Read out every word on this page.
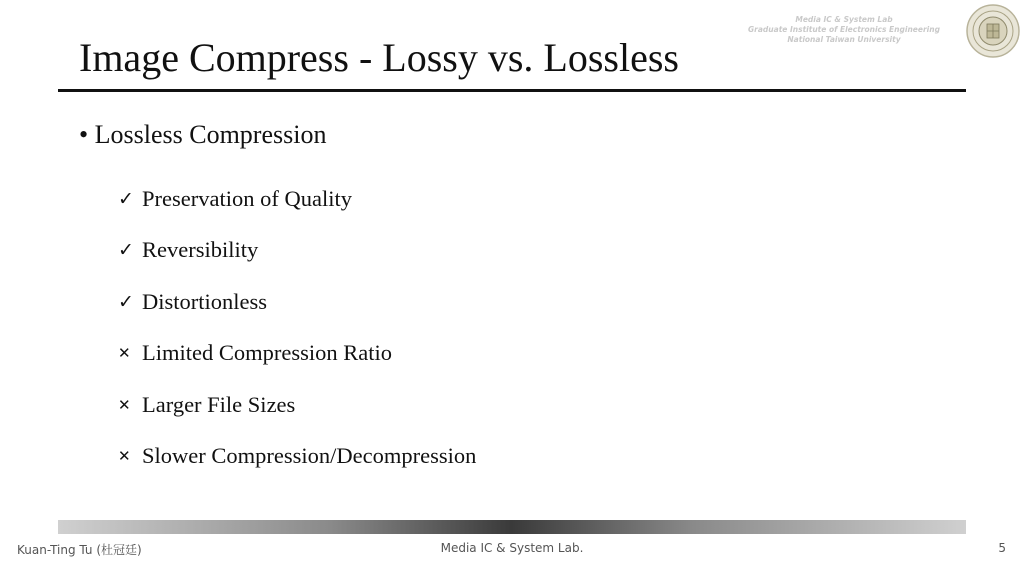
Media IC & System Lab
Graduate Institute of Electronics Engineering
National Taiwan University
Image Compress - Lossy vs. Lossless
• Lossless Compression
✓ Preservation of Quality
✓ Reversibility
✓ Distortionless
✕ Limited Compression Ratio
✕ Larger File Sizes
✕ Slower Compression/Decompression
Kuan-Ting Tu (杜冠廷)	Media IC & System Lab.	5
